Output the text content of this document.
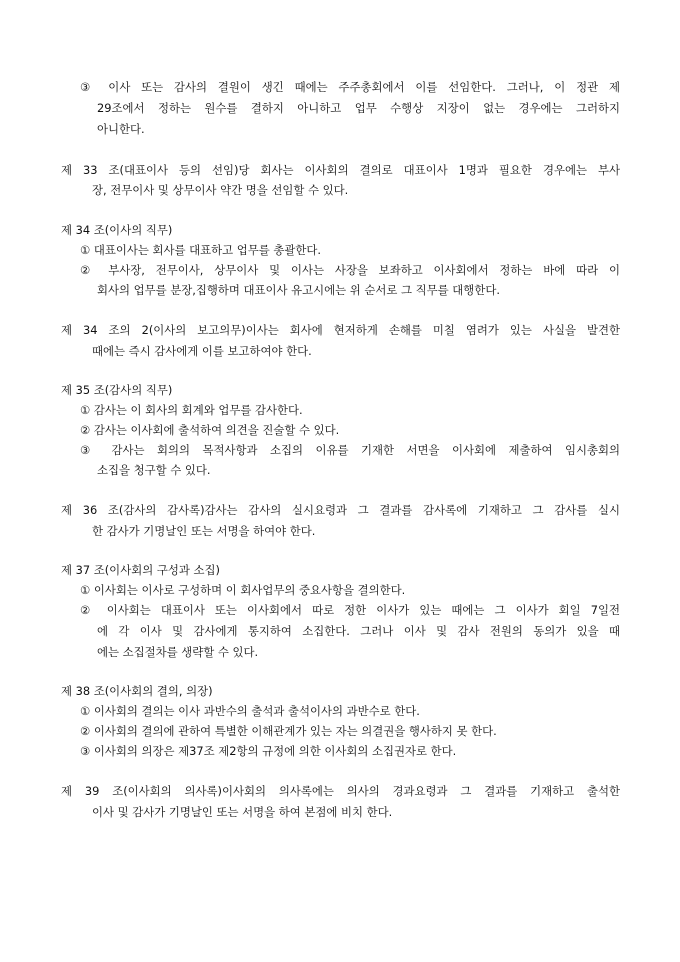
③ 이사 또는 감사의 결원이 생긴 때에는 주주총회에서 이를 선임한다. 그러나, 이 정관 제
29조에서 정하는 원수를 결하지 아니하고 업무 수행상 지장이 없는 경우에는 그러하지
아니한다.
제 33 조(대표이사 등의 선임)당 회사는 이사회의 결의로 대표이사 1명과 필요한 경우에는 부사
장, 전무이사 및 상무이사 약간 명을 선임할 수 있다.
제 34 조(이사의 직무)
① 대표이사는 회사를 대표하고 업무를 총괄한다.
② 부사장, 전무이사, 상무이사 및 이사는 사장을 보좌하고 이사회에서 정하는 바에 따라 이
회사의 업무를 분장,집행하며 대표이사 유고시에는 위 순서로 그 직무를 대행한다.
제 34 조의 2(이사의 보고의무)이사는 회사에 현저하게 손해를 미칠 염려가 있는 사실을 발견한
때에는 즉시 감사에게 이를 보고하여야 한다.
제 35 조(감사의 직무)
① 감사는 이 회사의 회계와 업무를 감사한다.
② 감사는 이사회에 출석하여 의견을 진술할 수 있다.
③ 감사는 회의의 목적사항과 소집의 이유를 기재한 서면을 이사회에 제출하여 임시총회의
소집을 청구할 수 있다.
제 36 조(감사의 감사록)감사는 감사의 실시요령과 그 결과를 감사록에 기재하고 그 감사를 실시
한 감사가 기명날인 또는 서명을 하여야 한다.
제 37 조(이사회의 구성과 소집)
① 이사회는 이사로 구성하며 이 회사업무의 중요사항을 결의한다.
② 이사회는 대표이사 또는 이사회에서 따로 정한 이사가 있는 때에는 그 이사가 회일 7일전
에 각 이사 및 감사에게 통지하여 소집한다. 그러나 이사 및 감사 전원의 동의가 있을 때
에는 소집절차를 생략할 수 있다.
제 38 조(이사회의 결의, 의장)
① 이사회의 결의는 이사 과반수의 출석과 출석이사의 과반수로 한다.
② 이사회의 결의에 관하여 특별한 이해관계가 있는 자는 의결권을 행사하지 못 한다.
③ 이사회의 의장은 제37조 제2항의 규정에 의한 이사회의 소집권자로 한다.
제 39 조(이사회의 의사록)이사회의 의사록에는 의사의 경과요령과 그 결과를 기재하고 출석한
이사 및 감사가 기명날인 또는 서명을 하여 본점에 비치 한다.
